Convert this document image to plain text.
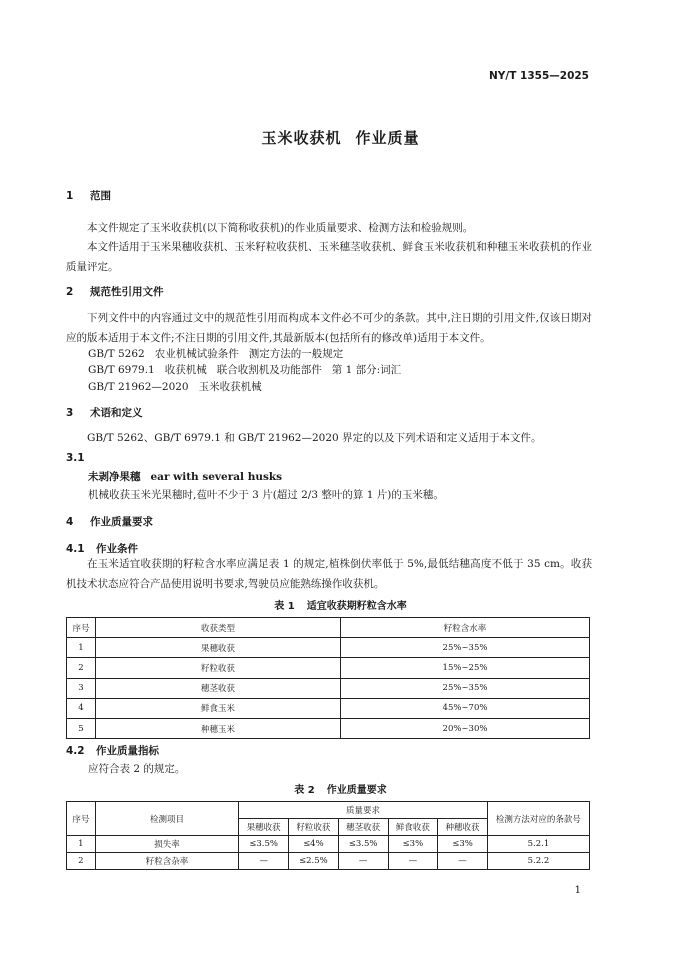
NY/T 1355—2025
玉米收获机 作业质量
1 范围
本文件规定了玉米收获机(以下简称收获机)的作业质量要求、检测方法和检验规则。
本文件适用于玉米果穗收获机、玉米籽粒收获机、玉米穗茎收获机、鲜食玉米收获机和种穗玉米收获机的作业质量评定。
2 规范性引用文件
下列文件中的内容通过文中的规范性引用而构成本文件必不可少的条款。其中,注日期的引用文件,仅该日期对应的版本适用于本文件;不注日期的引用文件,其最新版本(包括所有的修改单)适用于本文件。
GB/T 5262   农业机械试验条件   测定方法的一般规定
GB/T 6979.1   收获机械   联合收割机及功能部件   第 1 部分:词汇
GB/T 21962—2020   玉米收获机械
3 术语和定义
GB/T 5262、GB/T 6979.1 和 GB/T 21962—2020 界定的以及下列术语和定义适用于本文件。
3.1
未剥净果穗 ear with several husks
机械收获玉米光果穗时,苞叶不少于 3 片(超过 2/3 整叶的算 1 片)的玉米穗。
4 作业质量要求
4.1 作业条件
在玉米适宜收获期的籽粒含水率应满足表 1 的规定,植株倒伏率低于 5%,最低结穗高度不低于 35 cm。收获机技术状态应符合产品使用说明书要求,驾驶员应能熟练操作收获机。
表 1 适宜收获期籽粒含水率
序号	收获类型	籽粒含水率
1	果穗收获	25%~35%
2	籽粒收获	15%~25%
3	穗茎收获	25%~35%
4	鲜食玉米	45%~70%
5	种穗玉米	20%~30%
4.2 作业质量指标
应符合表 2 的规定。
表 2 作业质量要求
序号	检测项目	质量要求					检测方法对应的条款号
		果穗收获	籽粒收获	穗茎收获	鲜食收获	种穗收获	
1	损失率	≤3.5%	≤4%	≤3.5%	≤3%	≤3%	5.2.1
2	籽粒含杂率	—	≤2.5%	—	—	—	5.2.2
1
